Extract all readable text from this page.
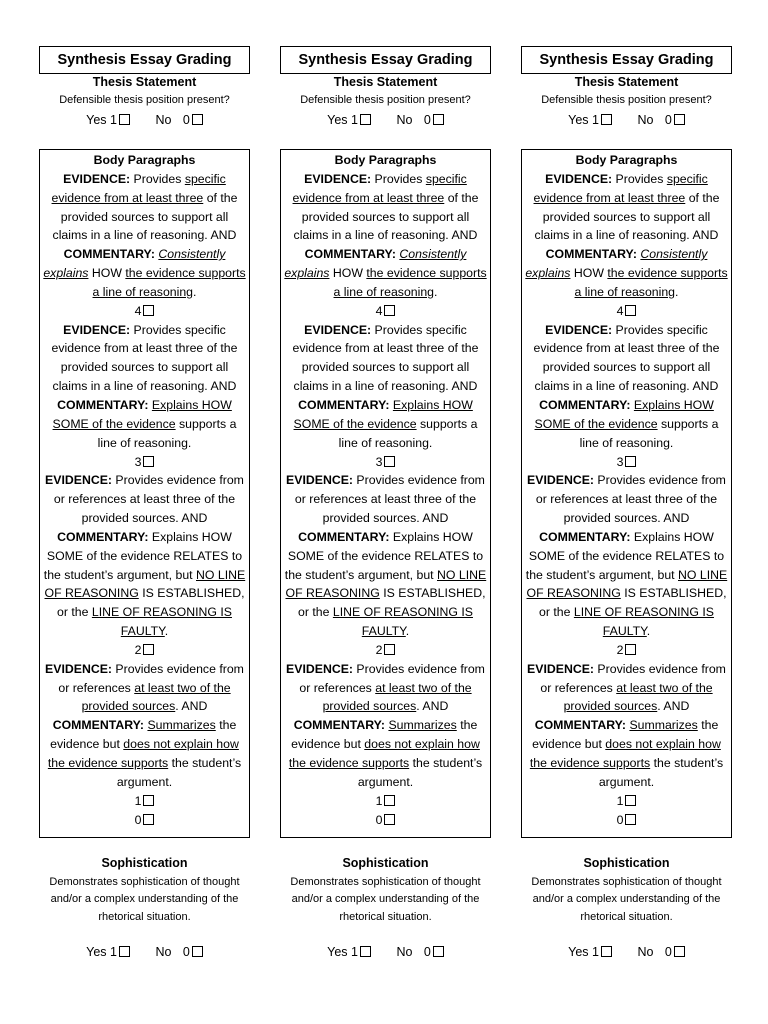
Synthesis Essay Grading
Thesis Statement
Defensible thesis position present?
Yes 1	No 0

Body Paragraphs

EVIDENCE: Provides specific evidence from at least three of the provided sources to support all claims in a line of reasoning. AND

COMMENTARY: Consistently explains HOW the evidence supports a line of reasoning.

4

EVIDENCE: Provides specific evidence from at least three of the provided sources to support all claims in a line of reasoning. AND

COMMENTARY: Explains HOW SOME of the evidence supports a line of reasoning.

3

EVIDENCE: Provides evidence from or references at least three of the provided sources. AND

COMMENTARY: Explains HOW SOME of the evidence RELATES to the student’s argument, but NO LINE OF REASONING IS ESTABLISHED, or the LINE OF REASONING IS FAULTY.

2

EVIDENCE: Provides evidence from or references at least two of the provided sources. AND

COMMENTARY: Summarizes the evidence but does not explain how the evidence supports the student’s argument.

1

0

Sophistication
Demonstrates sophistication of thought and/or a complex understanding of the rhetorical situation.
Yes 1	No 0
Synthesis Essay Grading
Thesis Statement
Defensible thesis position present?
Yes 1	No 0

Body Paragraphs

EVIDENCE: Provides specific evidence from at least three of the provided sources to support all claims in a line of reasoning. AND

COMMENTARY: Consistently explains HOW the evidence supports a line of reasoning.

4

EVIDENCE: Provides specific evidence from at least three of the provided sources to support all claims in a line of reasoning. AND

COMMENTARY: Explains HOW SOME of the evidence supports a line of reasoning.

3

EVIDENCE: Provides evidence from or references at least three of the provided sources. AND

COMMENTARY: Explains HOW SOME of the evidence RELATES to the student’s argument, but NO LINE OF REASONING IS ESTABLISHED, or the LINE OF REASONING IS FAULTY.

2

EVIDENCE: Provides evidence from or references at least two of the provided sources. AND

COMMENTARY: Summarizes the evidence but does not explain how the evidence supports the student’s argument.

1

0

Sophistication
Demonstrates sophistication of thought and/or a complex understanding of the rhetorical situation.
Yes 1	No 0
Synthesis Essay Grading
Thesis Statement
Defensible thesis position present?
Yes 1	No 0

Body Paragraphs

EVIDENCE: Provides specific evidence from at least three of the provided sources to support all claims in a line of reasoning. AND

COMMENTARY: Consistently explains HOW the evidence supports a line of reasoning.

4

EVIDENCE: Provides specific evidence from at least three of the provided sources to support all claims in a line of reasoning. AND

COMMENTARY: Explains HOW SOME of the evidence supports a line of reasoning.

3

EVIDENCE: Provides evidence from or references at least three of the provided sources. AND

COMMENTARY: Explains HOW SOME of the evidence RELATES to the student’s argument, but NO LINE OF REASONING IS ESTABLISHED, or the LINE OF REASONING IS FAULTY.

2

EVIDENCE: Provides evidence from or references at least two of the provided sources. AND

COMMENTARY: Summarizes the evidence but does not explain how the evidence supports the student’s argument.

1

0

Sophistication
Demonstrates sophistication of thought and/or a complex understanding of the rhetorical situation.
Yes 1	No 0
